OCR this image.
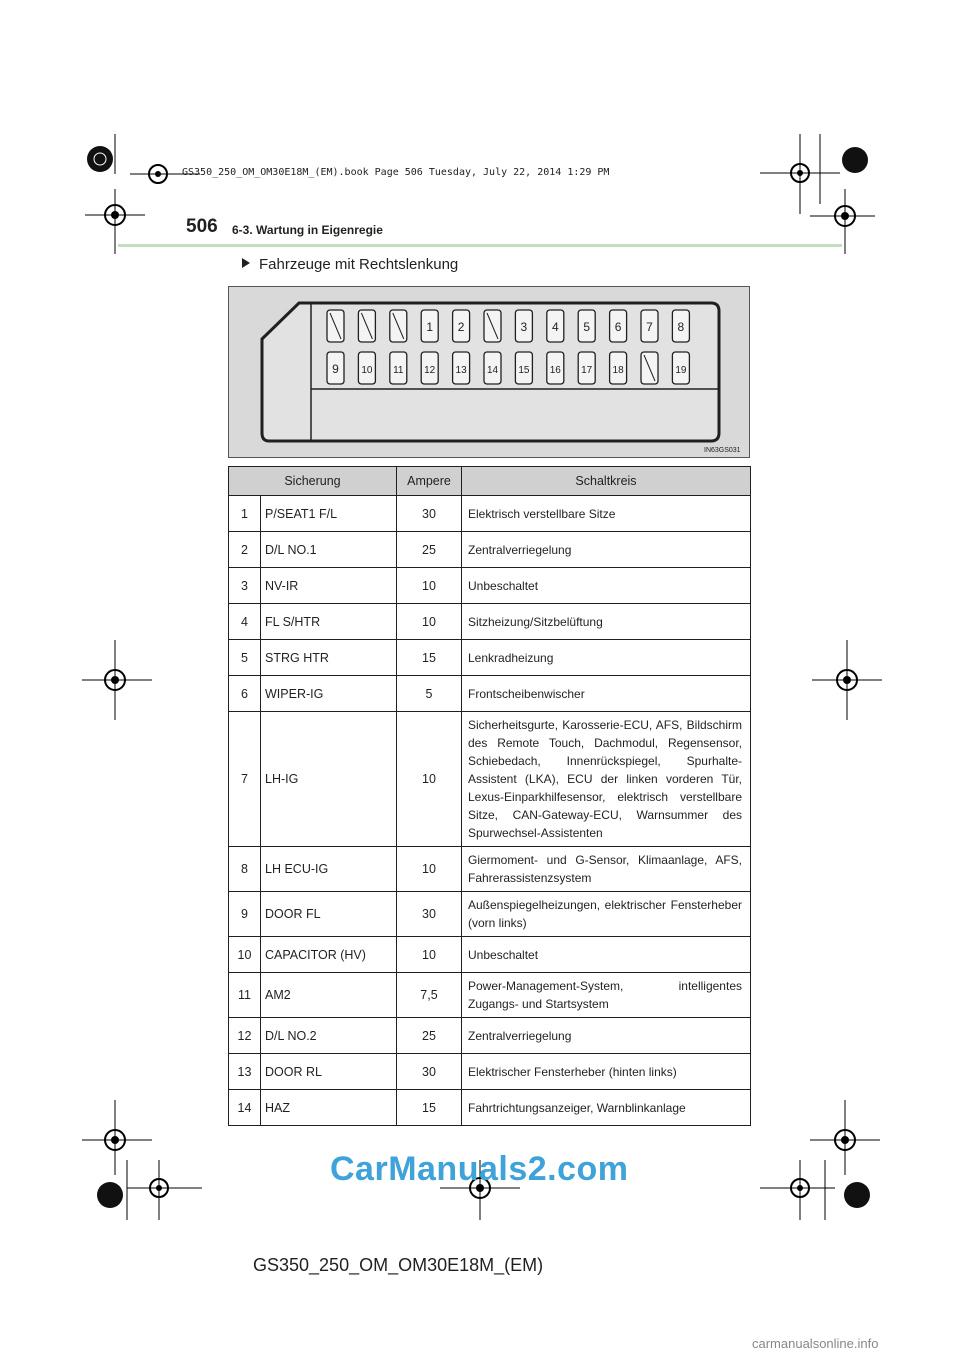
GS350_250_OM_OM30E18M_(EM).book Page 506 Tuesday, July 22, 2014 1:29 PM
506 6-3. Wartung in Eigenregie
Fahrzeuge mit Rechtslenkung
1 2	3 4 5 6 7 8
9 10 11 12 13 14 15 16 17 18	19
IN63GS031
Sicherung		Ampere	Schaltkreis
1	P/SEAT1 F/L	30	Elektrisch verstellbare Sitze
2	D/L NO.1	25	Zentralverriegelung
3	NV-IR	10	Unbeschaltet
4	FL S/HTR	10	Sitzheizung/Sitzbelüftung
5	STRG HTR	15	Lenkradheizung
6	WIPER-IG	5	Frontscheibenwischer
7	LH-IG	10	Sicherheitsgurte, Karosserie-ECU, AFS, Bildschirm des Remote Touch, Dachmodul, Regensensor, Schiebedach, Innenrückspiegel, Spurhalte-Assistent (LKA), ECU der linken vorderen Tür, Lexus-Einparkhilfesensor, elektrisch verstellbare Sitze, CAN-Gateway-ECU, Warnsummer des Spurwechsel-Assistenten
8	LH ECU-IG	10	Giermoment- und G-Sensor, Klimaanlage, AFS, Fahrerassistenzsystem
9	DOOR FL	30	Außenspiegelheizungen, elektrischer Fensterheber (vorn links)
10	CAPACITOR (HV)	10	Unbeschaltet
11	AM2	7,5	Power-Management-System, intelligentes Zugangs- und Startsystem
12	D/L NO.2	25	Zentralverriegelung
13	DOOR RL	30	Elektrischer Fensterheber (hinten links)
14	HAZ	15	Fahrtrichtungsanzeiger, Warnblinkanlage
CarManuals2.com
GS350_250_OM_OM30E18M_(EM)
carmanualsonline.info
